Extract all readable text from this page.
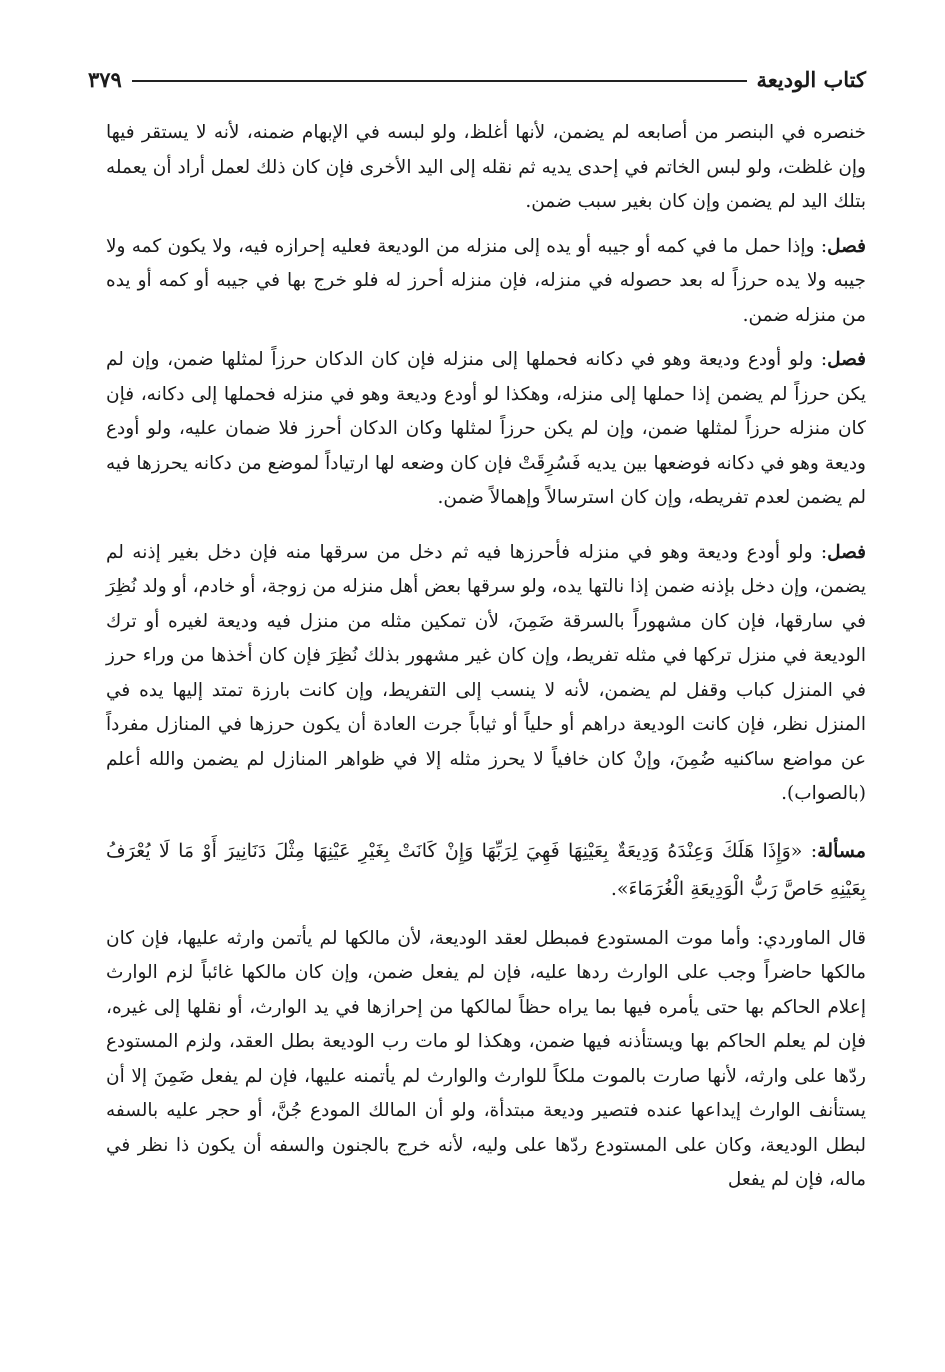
كتاب الوديعة
٣٧٩

خنصره في البنصر من أصابعه لم يضمن، لأنها أغلظ، ولو لبسه في الإبهام ضمنه، لأنه لا يستقر فيها وإن غلظت، ولو لبس الخاتم في إحدى يديه ثم نقله إلى اليد الأخرى فإن كان ذلك لعمل أراد أن يعمله بتلك اليد لم يضمن وإن كان بغير سبب ضمن.

فصل: وإذا حمل ما في كمه أو جيبه أو يده إلى منزله من الوديعة فعليه إحرازه فيه، ولا يكون كمه ولا جيبه ولا يده حرزاً له بعد حصوله في منزله، فإن منزله أحرز له فلو خرج بها في جيبه أو كمه أو يده من منزله ضمن.

فصل: ولو أودع وديعة وهو في دكانه فحملها إلى منزله فإن كان الدكان حرزاً لمثلها ضمن، وإن لم يكن حرزاً لم يضمن إذا حملها إلى منزله، وهكذا لو أودع وديعة وهو في منزله فحملها إلى دكانه، فإن كان منزله حرزاً لمثلها ضمن، وإن لم يكن حرزاً لمثلها وكان الدكان أحرز فلا ضمان عليه، ولو أودع وديعة وهو في دكانه فوضعها بين يديه فَسُرِقَتْ فإن كان وضعه لها ارتياداً لموضع من دكانه يحرزها فيه لم يضمن لعدم تفريطه، وإن كان استرسالاً وإهمالاً ضمن.

فصل: ولو أودع وديعة وهو في منزله فأحرزها فيه ثم دخل من سرقها منه فإن دخل بغير إذنه لم يضمن، وإن دخل بإذنه ضمن إذا نالتها يده، ولو سرقها بعض أهل منزله من زوجة، أو خادم، أو ولد نُظِرَ في سارقها، فإن كان مشهوراً بالسرقة ضَمِنَ، لأن تمكين مثله من منزل فيه وديعة لغيره أو ترك الوديعة في منزل تركها في مثله تفريط، وإن كان غير مشهور بذلك نُظِرَ فإن كان أخذها من وراء حرز في المنزل كباب وقفل لم يضمن، لأنه لا ينسب إلى التفريط، وإن كانت بارزة تمتد إليها يده في المنزل نظر، فإن كانت الوديعة دراهم أو حلياً أو ثياباً جرت العادة أن يكون حرزها في المنازل مفرداً عن مواضع ساكنيه ضُمِنَ، وإنْ كان خافياً لا يحرز مثله إلا في ظواهر المنازل لم يضمن والله أعلم (بالصواب).

مسألة: «وَإِذَا هَلَكَ وَعِنْدَهُ وَدِيعَةٌ بِعَيْنِهَا فَهِيَ لِرَبِّهَا وَإِنْ كَانَتْ بِغَيْرِ عَيْنِهَا مِثْلَ دَنَانِيرَ أَوْ مَا لَا يُعْرَفُ بِعَيْنِهِ حَاصَّ رَبُّ الْوَدِيعَةِ الْغُرَمَاءَ».

قال الماوردي: وأما موت المستودع فمبطل لعقد الوديعة، لأن مالكها لم يأتمن وارثه عليها، فإن كان مالكها حاضراً وجب على الوارث ردها عليه، فإن لم يفعل ضمن، وإن كان مالكها غائباً لزم الوارث إعلام الحاكم بها حتى يأمره فيها بما يراه حظاً لمالكها من إحرازها في يد الوارث، أو نقلها إلى غيره، فإن لم يعلم الحاكم بها ويستأذنه فيها ضمن، وهكذا لو مات رب الوديعة بطل العقد، ولزم المستودع ردّها على وارثه، لأنها صارت بالموت ملكاً للوارث والوارث لم يأتمنه عليها، فإن لم يفعل ضَمِنَ إلا أن يستأنف الوارث إيداعها عنده فتصير وديعة مبتدأة، ولو أن المالك المودع جُنَّ، أو حجر عليه بالسفه لبطل الوديعة، وكان على المستودع ردّها على وليه، لأنه خرج بالجنون والسفه أن يكون ذا نظر في ماله، فإن لم يفعل
